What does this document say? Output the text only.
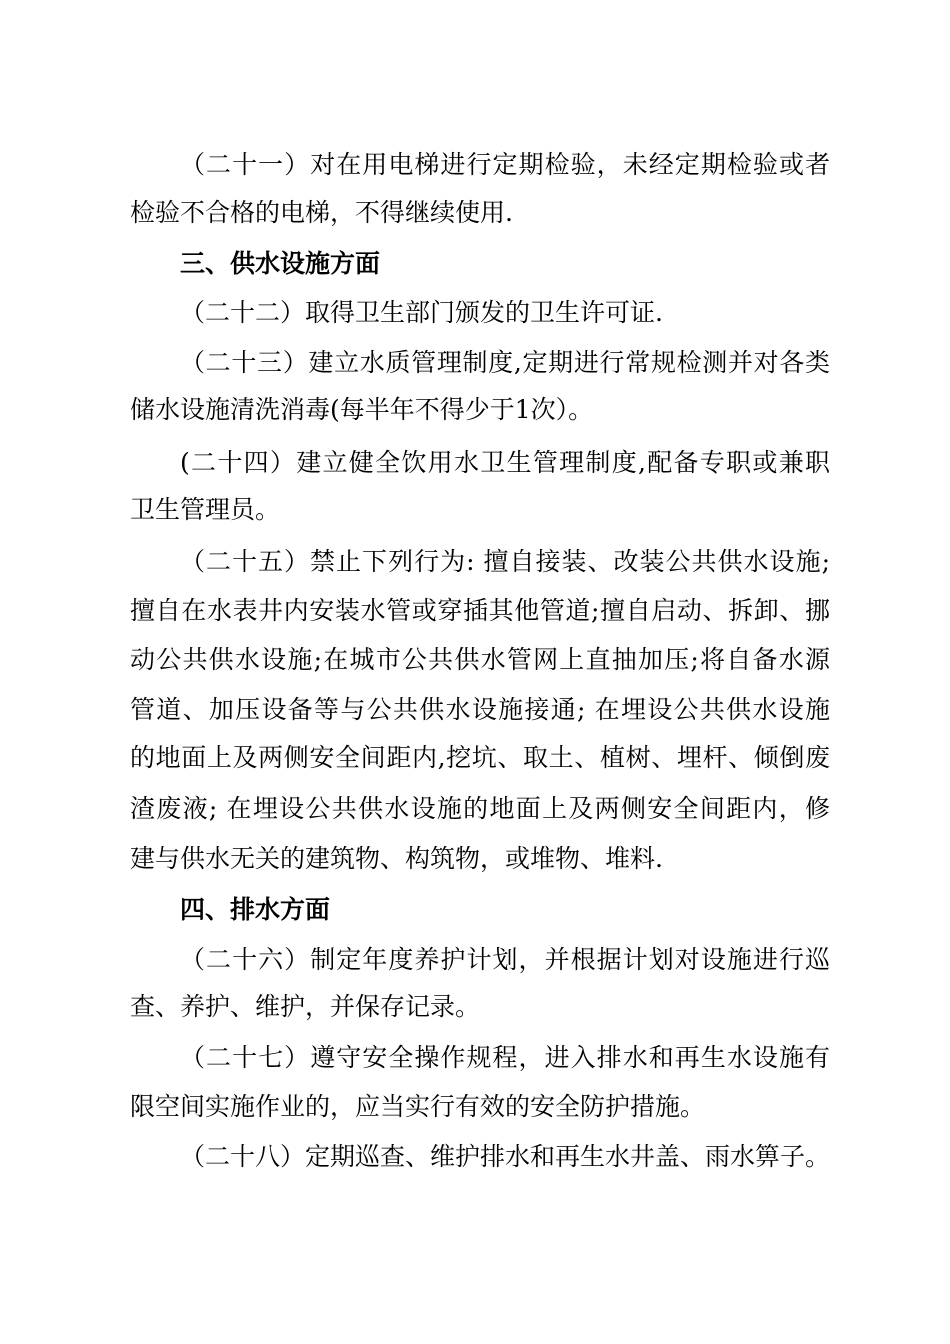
（二十一）对在用电梯进行定期检验，未经定期检验或者
检验不合格的电梯，不得继续使用.
三、供水设施方面
（二十二）取得卫生部门颁发的卫生许可证.
（二十三）建立水质管理制度,定期进行常规检测并对各类
储水设施清洗消毒(每半年不得少于1次）。
(二十四）建立健全饮用水卫生管理制度,配备专职或兼职
卫生管理员。
（二十五）禁止下列行为: 擅自接装、改装公共供水设施;
擅自在水表井内安装水管或穿插其他管道;擅自启动、拆卸、挪
动公共供水设施;在城市公共供水管网上直抽加压;将自备水源
管道、加压设备等与公共供水设施接通; 在埋设公共供水设施
的地面上及两侧安全间距内,挖坑、取土、植树、埋杆、倾倒废
渣废液; 在埋设公共供水设施的地面上及两侧安全间距内，修
建与供水无关的建筑物、构筑物，或堆物、堆料.
四、排水方面
（二十六）制定年度养护计划，并根据计划对设施进行巡
查、养护、维护，并保存记录。
（二十七）遵守安全操作规程，进入排水和再生水设施有
限空间实施作业的，应当实行有效的安全防护措施。
（二十八）定期巡查、维护排水和再生水井盖、雨水箅子。
